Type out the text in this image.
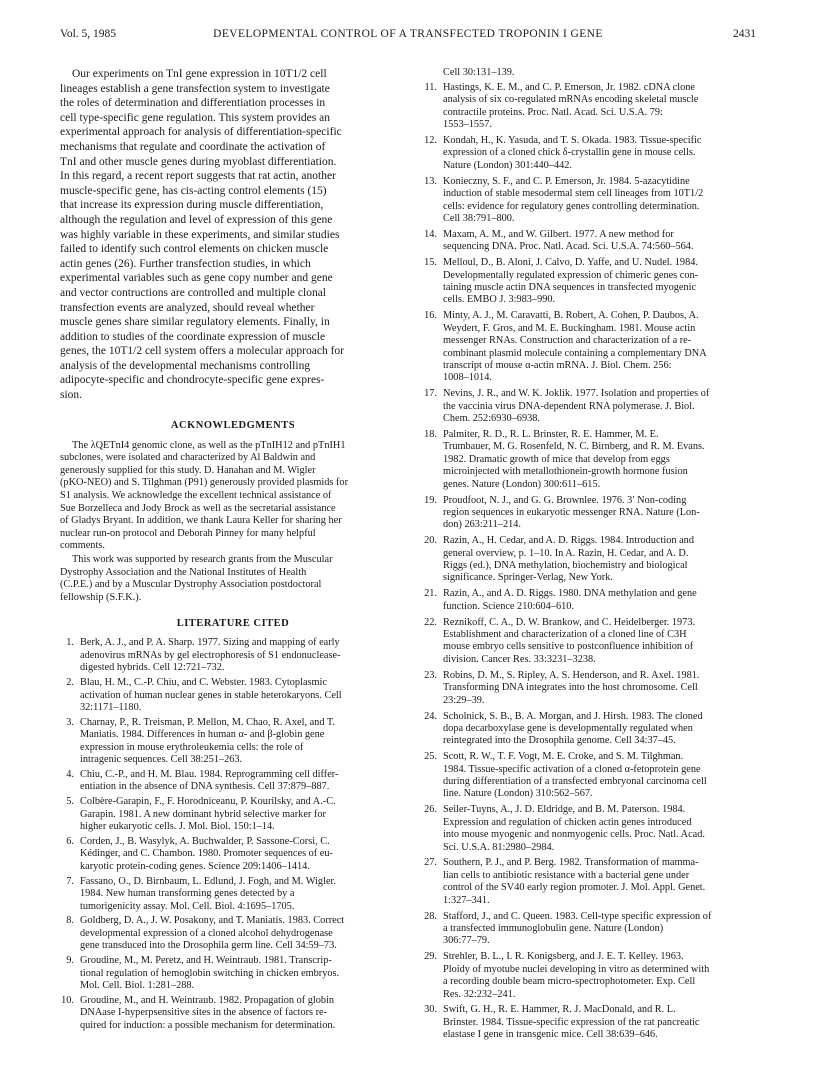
Vol. 5, 1985	DEVELOPMENTAL CONTROL OF A TRANSFECTED TROPONIN I GENE	2431

Our experiments on TnI gene expression in 10T1/2 cell
lineages establish a gene transfection system to investigate
the roles of determination and differentiation processes in
cell type-specific gene regulation. This system provides an
experimental approach for analysis of differentiation-specific
mechanisms that regulate and coordinate the activation of
TnI and other muscle genes during myoblast differentiation.
In this regard, a recent report suggests that rat actin, another
muscle-specific gene, has cis-acting control elements (15)
that increase its expression during muscle differentiation,
although the regulation and level of expression of this gene
was highly variable in these experiments, and similar studies
failed to identify such control elements on chicken muscle
actin genes (26). Further transfection studies, in which
experimental variables such as gene copy number and gene
and vector contructions are controlled and multiple clonal
transfection events are analyzed, should reveal whether
muscle genes share similar regulatory elements. Finally, in
addition to studies of the coordinate expression of muscle
genes, the 10T1/2 cell system offers a molecular approach for
analysis of the developmental mechanisms controlling
adipocyte-specific and chondrocyte-specific gene expres-
sion.

ACKNOWLEDGMENTS

The λQETnI4 genomic clone, as well as the pTnIH12 and pTnIH1
subclones, were isolated and characterized by Al Baldwin and
generously supplied for this study. D. Hanahan and M. Wigler
(pKO-NEO) and S. Tilghman (P91) generously provided plasmids for
S1 analysis. We acknowledge the excellent technical assistance of
Sue Borzelleca and Jody Brock as well as the secretarial assistance
of Gladys Bryant. In addition, we thank Laura Keller for sharing her
nuclear run-on protocol and Deborah Pinney for many helpful
comments.

This work was supported by research grants from the Muscular
Dystrophy Association and the National Institutes of Health
(C.P.E.) and by a Muscular Dystrophy Association postdoctoral
fellowship (S.F.K.).

LITERATURE CITED
1. Berk, A. J., and P. A. Sharp. 1977. Sizing and mapping of early
adenovirus mRNAs by gel electrophoresis of S1 endonuclease-
digested hybrids. Cell 12:721–732.
2. Blau, H. M., C.-P. Chiu, and C. Webster. 1983. Cytoplasmic
activation of human nuclear genes in stable heterokaryons. Cell
32:1171–1180.
3. Charnay, P., R. Treisman, P. Mellon, M. Chao, R. Axel, and T.
Maniatis. 1984. Differences in human α- and β-globin gene
expression in mouse erythroleukemia cells: the role of
intragenic sequences. Cell 38:251–263.
4. Chiu, C.-P., and H. M. Blau. 1984. Reprogramming cell differ-
entiation in the absence of DNA synthesis. Cell 37:879–887.
5. Colbère-Garapin, F., F. Horodniceanu, P. Kourilsky, and A.-C.
Garapin. 1981. A new dominant hybrid selective marker for
higher eukaryotic cells. J. Mol. Biol. 150:1–14.
6. Corden, J., B. Wasylyk, A. Buchwalder, P. Sassone-Corsi, C.
Kédinger, and C. Chambon. 1980. Promoter sequences of eu-
karyotic protein-coding genes. Science 209:1406–1414.
7. Fassano, O., D. Birnbaum, L. Edlund, J. Fogh, and M. Wigler.
1984. New human transforming genes detected by a
tumorigenicity assay. Mol. Cell. Biol. 4:1695–1705.
8. Goldberg, D. A., J. W. Posakony, and T. Maniatis. 1983. Correct
developmental expression of a cloned alcohol dehydrogenase
gene transduced into the Drosophila germ line. Cell 34:59–73.
9. Groudine, M., M. Peretz, and H. Weintraub. 1981. Transcrip-
tional regulation of hemoglobin switching in chicken embryos.
Mol. Cell. Biol. 1:281–288.
10. Groudine, M., and H. Weintraub. 1982. Propagation of globin
DNAase I-hyperpsensitive sites in the absence of factors re-
quired for induction: a possible mechanism for determination.
Cell 30:131–139.
11. Hastings, K. E. M., and C. P. Emerson, Jr. 1982. cDNA clone
analysis of six co-regulated mRNAs encoding skeletal muscle
contractile proteins. Proc. Natl. Acad. Sci. U.S.A. 79:
1553–1557.
12. Kondah, H., K. Yasuda, and T. S. Okada. 1983. Tissue-specific
expression of a cloned chick δ-crystallin gene in mouse cells.
Nature (London) 301:440–442.
13. Konieczny, S. F., and C. P. Emerson, Jr. 1984. 5-azacytidine
induction of stable mesodermal stem cell lineages from 10T1/2
cells: evidence for regulatory genes controlling determination.
Cell 38:791–800.
14. Maxam, A. M., and W. Gilbert. 1977. A new method for
sequencing DNA. Proc. Natl. Acad. Sci. U.S.A. 74:560–564.
15. Melloul, D., B. Aloni, J. Calvo, D. Yaffe, and U. Nudel. 1984.
Developmentally regulated expression of chimeric genes con-
taining muscle actin DNA sequences in transfected myogenic
cells. EMBO J. 3:983–990.
16. Minty, A. J., M. Caravatti, B. Robert, A. Cohen, P. Daubos, A.
Weydert, F. Gros, and M. E. Buckingham. 1981. Mouse actin
messenger RNAs. Construction and characterization of a re-
combinant plasmid molecule containing a complementary DNA
transcript of mouse α-actin mRNA. J. Biol. Chem. 256:
1008–1014.
17. Nevins, J. R., and W. K. Joklik. 1977. Isolation and properties of
the vaccinia virus DNA-dependent RNA polymerase. J. Biol.
Chem. 252:6930–6938.
18. Palmiter, R. D., R. L. Brinster, R. E. Hammer, M. E.
Trumbauer, M. G. Rosenfeld, N. C. Birnberg, and R. M. Evans.
1982. Dramatic growth of mice that develop from eggs
microinjected with metallothionein-growth hormone fusion
genes. Nature (London) 300:611–615.
19. Proudfoot, N. J., and G. G. Brownlee. 1976. 3′ Non-coding
region sequences in eukaryotic messenger RNA. Nature (Lon-
don) 263:211–214.
20. Razin, A., H. Cedar, and A. D. Riggs. 1984. Introduction and
general overview, p. 1–10. In A. Razin, H. Cedar, and A. D.
Riggs (ed.), DNA methylation, biochemistry and biological
significance. Springer-Verlag, New York.
21. Razin, A., and A. D. Riggs. 1980. DNA methylation and gene
function. Science 210:604–610.
22. Reznikoff, C. A., D. W. Brankow, and C. Heidelberger. 1973.
Establishment and characterization of a cloned line of C3H
mouse embryo cells sensitive to postconfluence inhibition of
division. Cancer Res. 33:3231–3238.
23. Robins, D. M., S. Ripley, A. S. Henderson, and R. Axel. 1981.
Transforming DNA integrates into the host chromosome. Cell
23:29–39.
24. Scholnick, S. B., B. A. Morgan, and J. Hirsh. 1983. The cloned
dopa decarboxylase gene is developmentally regulated when
reintegrated into the Drosophila genome. Cell 34:37–45.
25. Scott, R. W., T. F. Vogt, M. E. Croke, and S. M. Tilghman.
1984. Tissue-specific activation of a cloned α-fetoprotein gene
during differentiation of a transfected embryonal carcinoma cell
line. Nature (London) 310:562–567.
26. Seiler-Tuyns, A., J. D. Eldridge, and B. M. Paterson. 1984.
Expression and regulation of chicken actin genes introduced
into mouse myogenic and nonmyogenic cells. Proc. Natl. Acad.
Sci. U.S.A. 81:2980–2984.
27. Southern, P. J., and P. Berg. 1982. Transformation of mamma-
lian cells to antibiotic resistance with a bacterial gene under
control of the SV40 early region promoter. J. Mol. Appl. Genet.
1:327–341.
28. Stafford, J., and C. Queen. 1983. Cell-type specific expression of
a transfected immunoglobulin gene. Nature (London)
306:77–79.
29. Strehler, B. L., I. R. Konigsberg, and J. E. T. Kelley. 1963.
Ploidy of myotube nuclei developing in vitro as determined with
a recording double beam micro-spectrophotometer. Exp. Cell
Res. 32:232–241.
30. Swift, G. H., R. E. Hammer, R. J. MacDonald, and R. L.
Brinster. 1984. Tissue-specific expression of the rat pancreatic
elastase I gene in transgenic mice. Cell 38:639–646.
